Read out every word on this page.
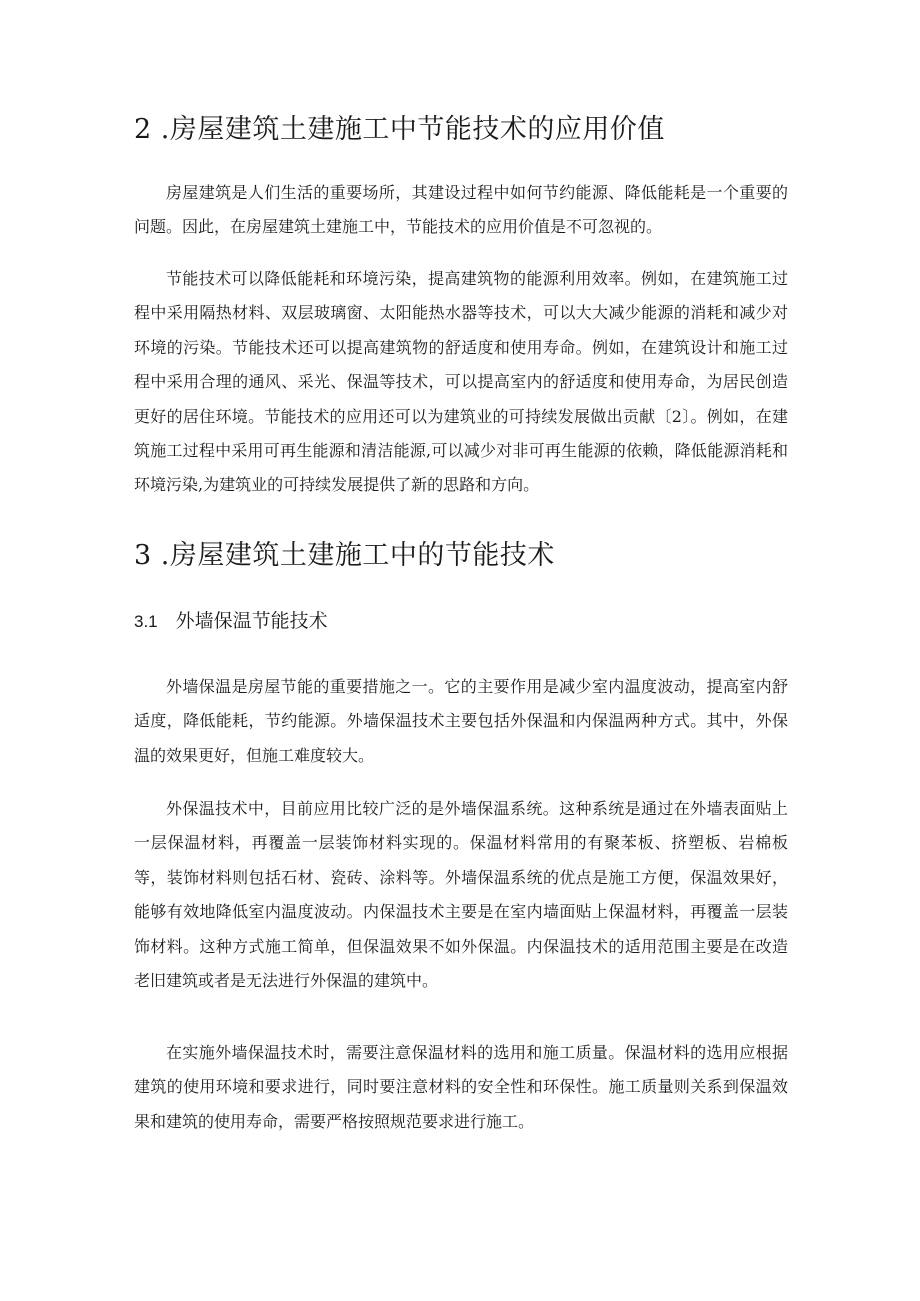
2 .房屋建筑土建施工中节能技术的应用价值

房屋建筑是人们生活的重要场所，其建设过程中如何节约能源、降低能耗是一个重要的问题。因此，在房屋建筑土建施工中，节能技术的应用价值是不可忽视的。

节能技术可以降低能耗和环境污染，提高建筑物的能源利用效率。例如，在建筑施工过程中采用隔热材料、双层玻璃窗、太阳能热水器等技术，可以大大减少能源的消耗和减少对环境的污染。节能技术还可以提高建筑物的舒适度和使用寿命。例如，在建筑设计和施工过程中采用合理的通风、采光、保温等技术，可以提高室内的舒适度和使用寿命，为居民创造更好的居住环境。节能技术的应用还可以为建筑业的可持续发展做出贡献〔2〕。例如，在建筑施工过程中采用可再生能源和清洁能源,可以减少对非可再生能源的依赖，降低能源消耗和环境污染,为建筑业的可持续发展提供了新的思路和方向。

3 .房屋建筑土建施工中的节能技术
3.1 外墙保温节能技术

外墙保温是房屋节能的重要措施之一。它的主要作用是减少室内温度波动，提高室内舒适度，降低能耗，节约能源。外墙保温技术主要包括外保温和内保温两种方式。其中，外保温的效果更好，但施工难度较大。

外保温技术中，目前应用比较广泛的是外墙保温系统。这种系统是通过在外墙表面贴上一层保温材料，再覆盖一层装饰材料实现的。保温材料常用的有聚苯板、挤塑板、岩棉板等，装饰材料则包括石材、瓷砖、涂料等。外墙保温系统的优点是施工方便，保温效果好，能够有效地降低室内温度波动。内保温技术主要是在室内墙面贴上保温材料，再覆盖一层装饰材料。这种方式施工简单，但保温效果不如外保温。内保温技术的适用范围主要是在改造老旧建筑或者是无法进行外保温的建筑中。

在实施外墙保温技术时，需要注意保温材料的选用和施工质量。保温材料的选用应根据建筑的使用环境和要求进行，同时要注意材料的安全性和环保性。施工质量则关系到保温效果和建筑的使用寿命，需要严格按照规范要求进行施工。
